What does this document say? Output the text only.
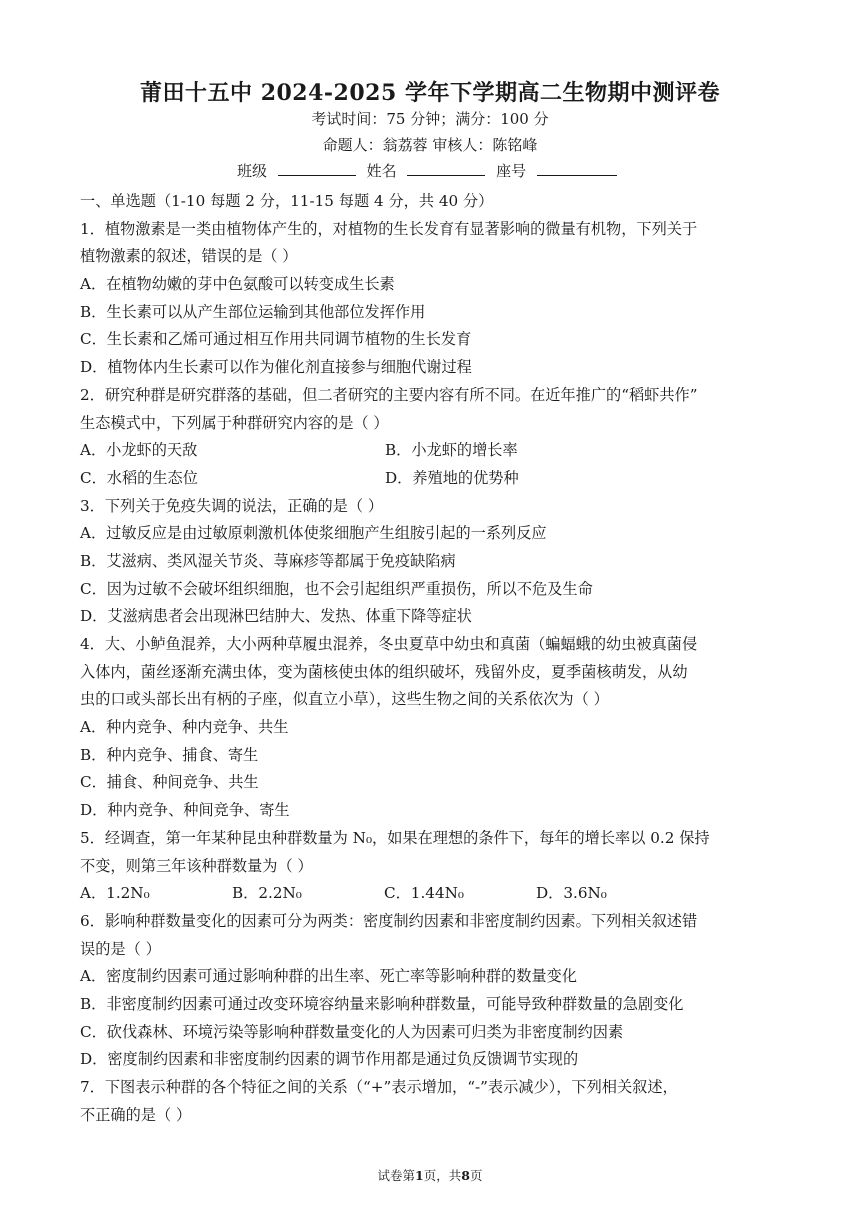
莆田十五中 2024-2025 学年下学期高二生物期中测评卷
考试时间：75 分钟；满分：100 分
命题人：翁荔蓉 审核人：陈铭峰
班级	姓名	座号
一、单选题（1-10 每题 2 分，11-15 每题 4 分，共 40 分）
1．植物激素是一类由植物体产生的，对植物的生长发育有显著影响的微量有机物，下列关于
植物激素的叙述，错误的是（ ）
A．在植物幼嫩的芽中色氨酸可以转变成生长素
B．生长素可以从产生部位运输到其他部位发挥作用
C．生长素和乙烯可通过相互作用共同调节植物的生长发育
D．植物体内生长素可以作为催化剂直接参与细胞代谢过程
2．研究种群是研究群落的基础，但二者研究的主要内容有所不同。在近年推广的“稻虾共作”
生态模式中，下列属于种群研究内容的是（ ）
A．小龙虾的天敌	B．小龙虾的增长率
C．水稻的生态位	D．养殖地的优势种
3．下列关于免疫失调的说法，正确的是（ ）
A．过敏反应是由过敏原刺激机体使浆细胞产生组胺引起的一系列反应
B．艾滋病、类风湿关节炎、荨麻疹等都属于免疫缺陷病
C．因为过敏不会破坏组织细胞，也不会引起组织严重损伤，所以不危及生命
D．艾滋病患者会出现淋巴结肿大、发热、体重下降等症状
4．大、小鲈鱼混养，大小两种草履虫混养，冬虫夏草中幼虫和真菌（蝙蝠蛾的幼虫被真菌侵
入体内，菌丝逐渐充满虫体，变为菌核使虫体的组织破坏，残留外皮，夏季菌核萌发，从幼
虫的口或头部长出有柄的子座，似直立小草），这些生物之间的关系依次为（ ）
A．种内竞争、种内竞争、共生
B．种内竞争、捕食、寄生
C．捕食、种间竞争、共生
D．种内竞争、种间竞争、寄生
5．经调查，第一年某种昆虫种群数量为 N₀，如果在理想的条件下，每年的增长率以 0.2 保持
不变，则第三年该种群数量为（ ）
A．1.2N₀	B．2.2N₀	C．1.44N₀	D．3.6N₀
6．影响种群数量变化的因素可分为两类：密度制约因素和非密度制约因素。下列相关叙述错
误的是（ ）
A．密度制约因素可通过影响种群的出生率、死亡率等影响种群的数量变化
B．非密度制约因素可通过改变环境容纳量来影响种群数量，可能导致种群数量的急剧变化
C．砍伐森林、环境污染等影响种群数量变化的人为因素可归类为非密度制约因素
D．密度制约因素和非密度制约因素的调节作用都是通过负反馈调节实现的
7．下图表示种群的各个特征之间的关系（“+”表示增加，“-”表示减少），下列相关叙述，
不正确的是（ ）
试卷第1页，共8页
